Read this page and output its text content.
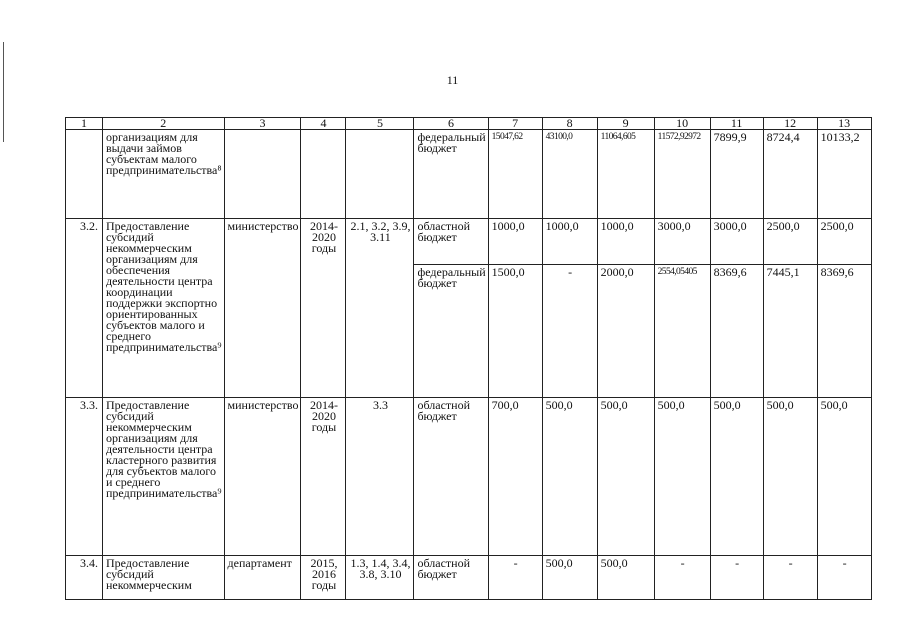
11
1	2	3	4	5	6	7	8	9	10	11	12	13
	организациям для выдачи займов субъектам малого предпринимательства⁸				федеральный бюджет	15047,62	43100,0	11064,605	11572,92972	7899,9	8724,4	10133,2
3.2.	Предоставление субсидий некоммерческим организациям для обеспечения деятельности центра координации поддержки экспортно ориентированных субъектов малого и среднего предпринимательства⁹	министерство	2014-2020 годы	2.1, 3.2, 3.9, 3.11	областной бюджет	1000,0	1000,0	1000,0	3000,0	3000,0	2500,0	2500,0
					федеральный бюджет	1500,0	-	2000,0	2554,05405	8369,6	7445,1	8369,6
3.3.	Предоставление субсидий некоммерческим организациям для деятельности центра кластерного развития для субъектов малого и среднего предпринимательства⁹	министерство	2014-2020 годы	3.3	областной бюджет	700,0	500,0	500,0	500,0	500,0	500,0	500,0
3.4.	Предоставление субсидий некоммерческим	департамент	2015, 2016 годы	1.3, 1.4, 3.4, 3.8, 3.10	областной бюджет	-	500,0	500,0	-	-	-	-
